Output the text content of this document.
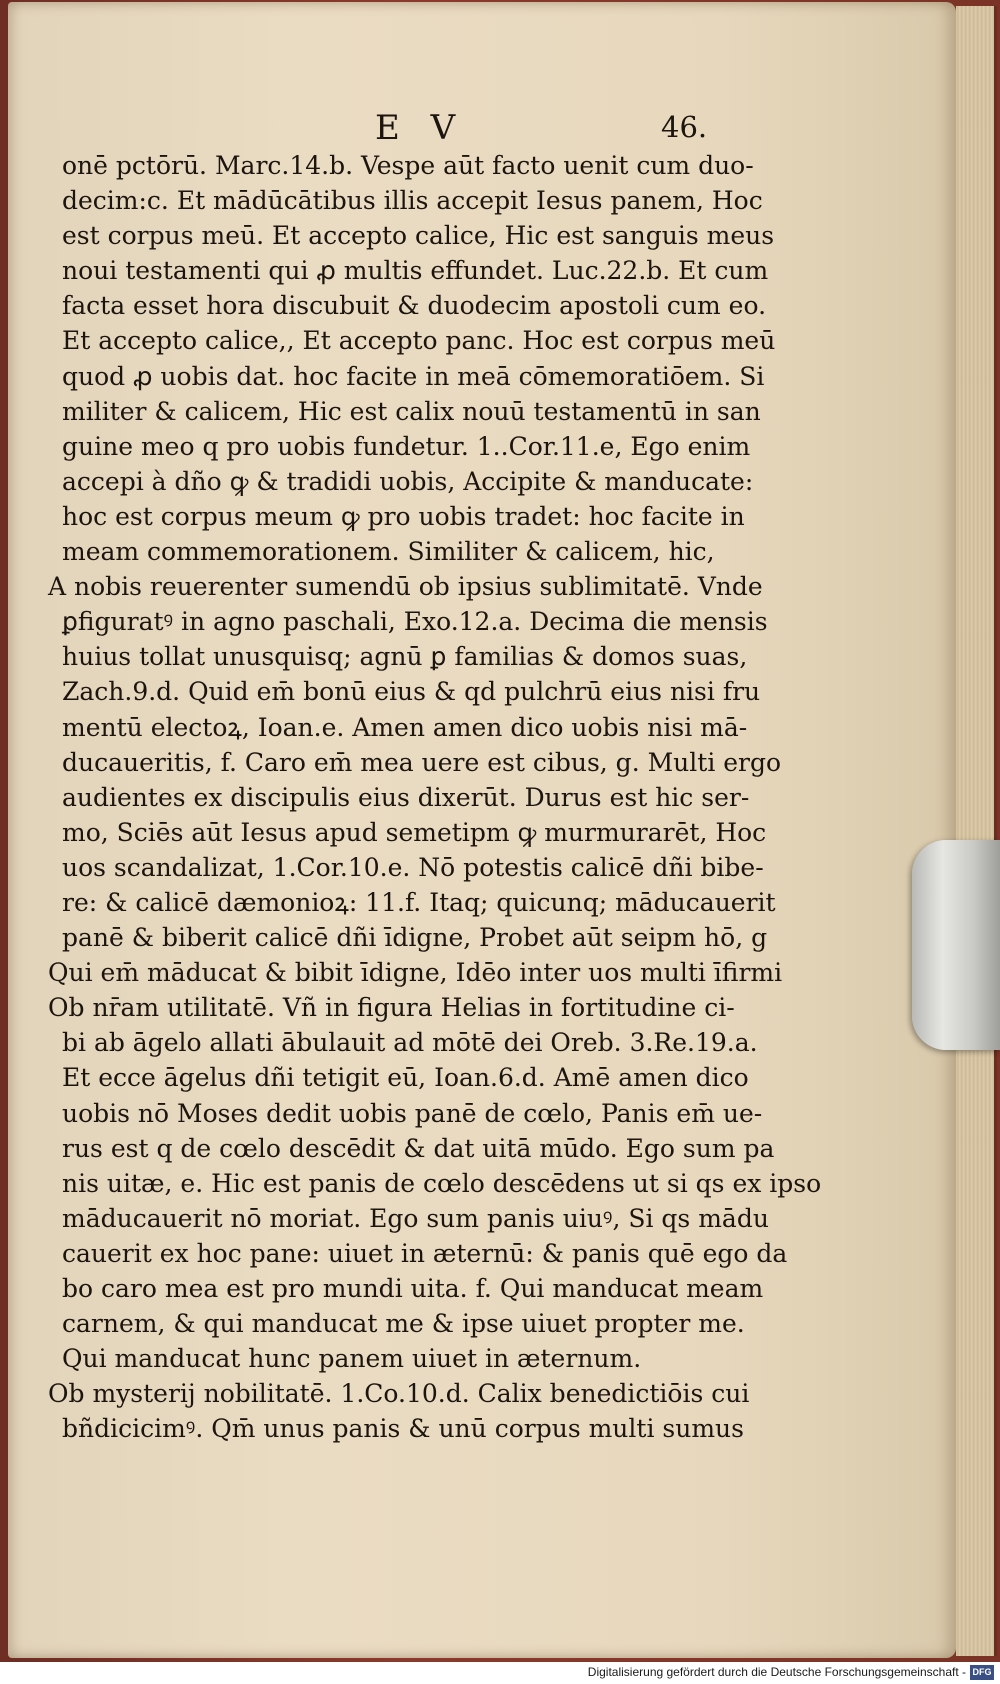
E V	46.
onē pctōrū. Marc.14.b. Vespe aūt facto uenit cum duo-
decim:c. Et mādūcātibus illis accepit Iesus panem, Hoc
est corpus meū. Et accepto calice, Hic est sanguis meus
noui testamenti qui ꝓ multis effundet. Luc.22.b. Et cum
facta esset hora discubuit & duodecim apostoli cum eo.
Et accepto calice,, Et accepto panc. Hoc est corpus meū
quod ꝓ uobis dat. hoc facite in meā cōmemoratiōem. Si
militer & calicem, Hic est calix nouū testamentū in san
guine meo q pro uobis fundetur. 1..Cor.11.e, Ego enim
accepi à dño ꝙ & tradidi uobis, Accipite & manducate:
hoc est corpus meum ꝙ pro uobis tradet: hoc facite in
meam commemorationem. Similiter & calicem, hic,
A nobis reuerenter sumendū ob ipsius sublimitatē. Vnde
ꝑfiguratꝰ in agno paschali, Exo.12.a. Decima die mensis
huius tollat unusquisq; agnū ꝑ familias & domos suas,
Zach.9.d. Quid em̄ bonū eius & qd pulchrū eius nisi fru
mentū electoꝝ, Ioan.e. Amen amen dico uobis nisi mā-
ducaueritis, f. Caro em̄ mea uere est cibus, g. Multi ergo
audientes ex discipulis eius dixerūt. Durus est hic ser-
mo, Sciēs aūt Iesus apud semetipm ꝙ murmurarēt, Hoc
uos scandalizat, 1.Cor.10.e. Nō potestis calicē dñi bibe-
re: & calicē dæmonioꝝ: 11.f. Itaq; quicunq; māducauerit
panē & biberit calicē dñi īdigne, Probet aūt seipm hō, g
Qui em̄ māducat & bibit īdigne, Idēo inter uos multi īfirmi
Ob nr̄am utilitatē. Vñ in figura Helias in fortitudine ci-
bi ab āgelo allati ābulauit ad mōtē dei Oreb. 3.Re.19.a.
Et ecce āgelus dñi tetigit eū, Ioan.6.d. Amē amen dico
uobis nō Moses dedit uobis panē de cœlo, Panis em̄ ue-
rus est q de cœlo descēdit & dat uitā mūdo. Ego sum pa
nis uitæ, e. Hic est panis de cœlo descēdens ut si qs ex ipso
māducauerit nō moriat. Ego sum panis uiuꝰ, Si qs mādu
cauerit ex hoc pane: uiuet in æternū: & panis quē ego da
bo caro mea est pro mundi uita. f. Qui manducat meam
carnem, & qui manducat me & ipse uiuet propter me.
Qui manducat hunc panem uiuet in æternum.
Ob mysterij nobilitatē. 1.Co.10.d. Calix benedictiōis cui
bñdicicimꝰ. Qm̄ unus panis & unū corpus multi sumus
Digitalisierung gefördert durch die Deutsche Forschungsgemeinschaft - DFG
